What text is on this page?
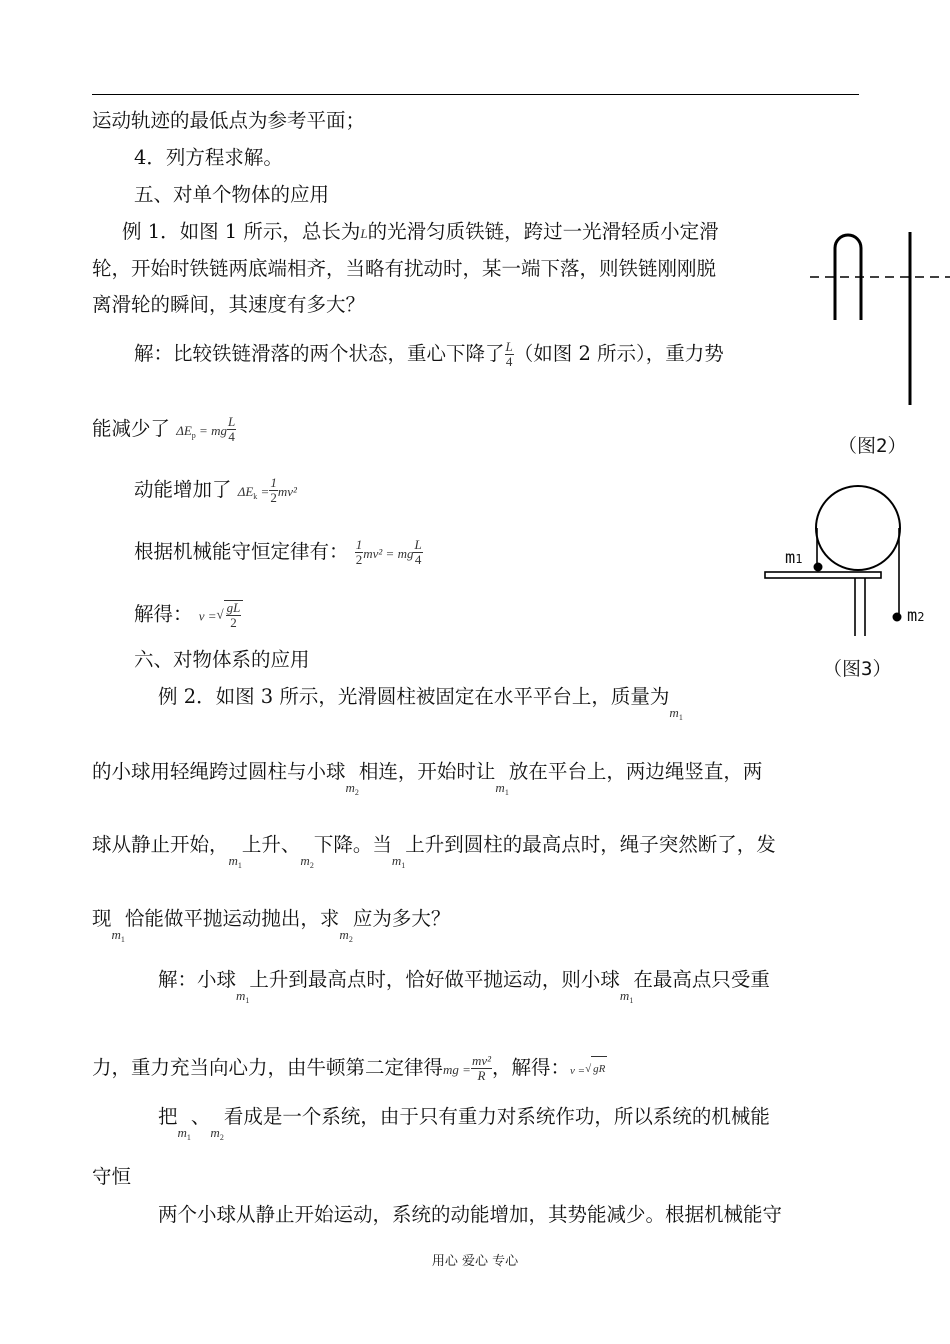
运动轨迹的最低点为参考平面；
4．列方程求解。
五、对单个物体的应用
例 1．如图 1 所示，总长为L的光滑匀质铁链，跨过一光滑轻质小定滑
轮，开始时铁链两底端相齐，当略有扰动时，某一端下落，则铁链刚刚脱
离滑轮的瞬间，其速度有多大？
解：比较铁链滑落的两个状态，重心下降了 $\frac{L}{4}$ （如图 2 所示），重力势
能减少了 $\Delta E_p$ = mg $\frac{L}{4}$
动能增加了 $\Delta E_k = \frac{1}{2} mv^2$
根据机械能守恒定律有： $\frac{1}{2} mv^2$ = mg $\frac{L}{4}$
解得： v =√ $\frac{gL}{2}$
六、对物体系的应用
例 2．如图 3 所示，光滑圆柱被固定在水平平台上，质量为$_{m_1}$
的小球用轻绳跨过圆柱与小球$_{m_2}$相连，开始时让$_{m_1}$放在平台上，两边绳竖直，两
球从静止开始，$_{m_1}$上升、$_{m_2}$下降。当$_{m_1}$上升到圆柱的最高点时，绳子突然断了，发
现$_{m_1}$恰能做平抛运动抛出，求$_{m_2}$应为多大？
解：小球$_{m_1}$上升到最高点时，恰好做平抛运动，则小球$_{m_1}$在最高点只受重
力，重力充当向心力，由牛顿第二定律得mg = $\frac{\text{mv²}}{R}$ ，解得：v =√ gR
把$_{m_1}$、$_{m_2}$看成是一个系统，由于只有重力对系统作功，所以系统的机械能
守恒
两个小球从静止开始运动，系统的动能增加，其势能减少。根据机械能守
（图2）
m1
m2
（图3）
用心 爱心 专心
